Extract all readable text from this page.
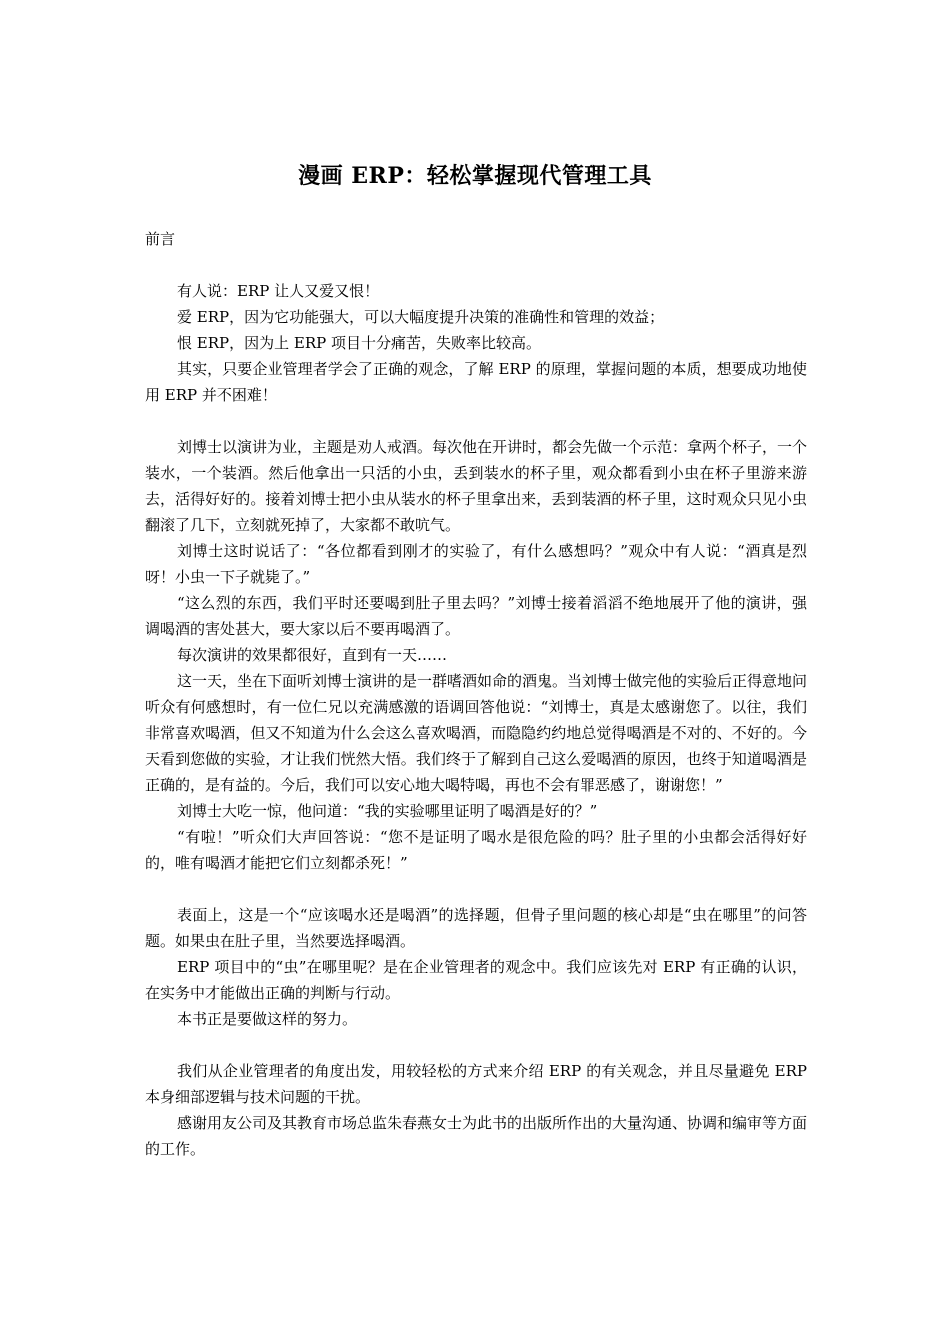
漫画 ERP：轻松掌握现代管理工具

前言

有人说：ERP 让人又爱又恨！

爱 ERP，因为它功能强大，可以大幅度提升决策的准确性和管理的效益；

恨 ERP，因为上 ERP 项目十分痛苦，失败率比较高。

其实，只要企业管理者学会了正确的观念，了解 ERP 的原理，掌握问题的本质，想要成功地使用 ERP 并不困难！

刘博士以演讲为业，主题是劝人戒酒。每次他在开讲时，都会先做一个示范：拿两个杯子，一个装水，一个装酒。然后他拿出一只活的小虫，丢到装水的杯子里，观众都看到小虫在杯子里游来游去，活得好好的。接着刘博士把小虫从装水的杯子里拿出来，丢到装酒的杯子里，这时观众只见小虫翻滚了几下，立刻就死掉了，大家都不敢吭气。

刘博士这时说话了：“各位都看到刚才的实验了，有什么感想吗？”观众中有人说：“酒真是烈呀！小虫一下子就毙了。”

“这么烈的东西，我们平时还要喝到肚子里去吗？”刘博士接着滔滔不绝地展开了他的演讲，强调喝酒的害处甚大，要大家以后不要再喝酒了。

每次演讲的效果都很好，直到有一天……

这一天，坐在下面听刘博士演讲的是一群嗜酒如命的酒鬼。当刘博士做完他的实验后正得意地问听众有何感想时，有一位仁兄以充满感激的语调回答他说：“刘博士，真是太感谢您了。以往，我们非常喜欢喝酒，但又不知道为什么会这么喜欢喝酒，而隐隐约约地总觉得喝酒是不对的、不好的。今天看到您做的实验，才让我们恍然大悟。我们终于了解到自己这么爱喝酒的原因，也终于知道喝酒是正确的，是有益的。今后，我们可以安心地大喝特喝，再也不会有罪恶感了，谢谢您！”

刘博士大吃一惊，他问道：“我的实验哪里证明了喝酒是好的？”

“有啦！”听众们大声回答说：“您不是证明了喝水是很危险的吗？肚子里的小虫都会活得好好的，唯有喝酒才能把它们立刻都杀死！”

表面上，这是一个“应该喝水还是喝酒”的选择题，但骨子里问题的核心却是“虫在哪里”的问答题。如果虫在肚子里，当然要选择喝酒。

ERP 项目中的“虫”在哪里呢？是在企业管理者的观念中。我们应该先对 ERP 有正确的认识，在实务中才能做出正确的判断与行动。

本书正是要做这样的努力。

我们从企业管理者的角度出发，用较轻松的方式来介绍 ERP 的有关观念，并且尽量避免 ERP 本身细部逻辑与技术问题的干扰。

感谢用友公司及其教育市场总监朱春燕女士为此书的出版所作出的大量沟通、协调和编审等方面的工作。
